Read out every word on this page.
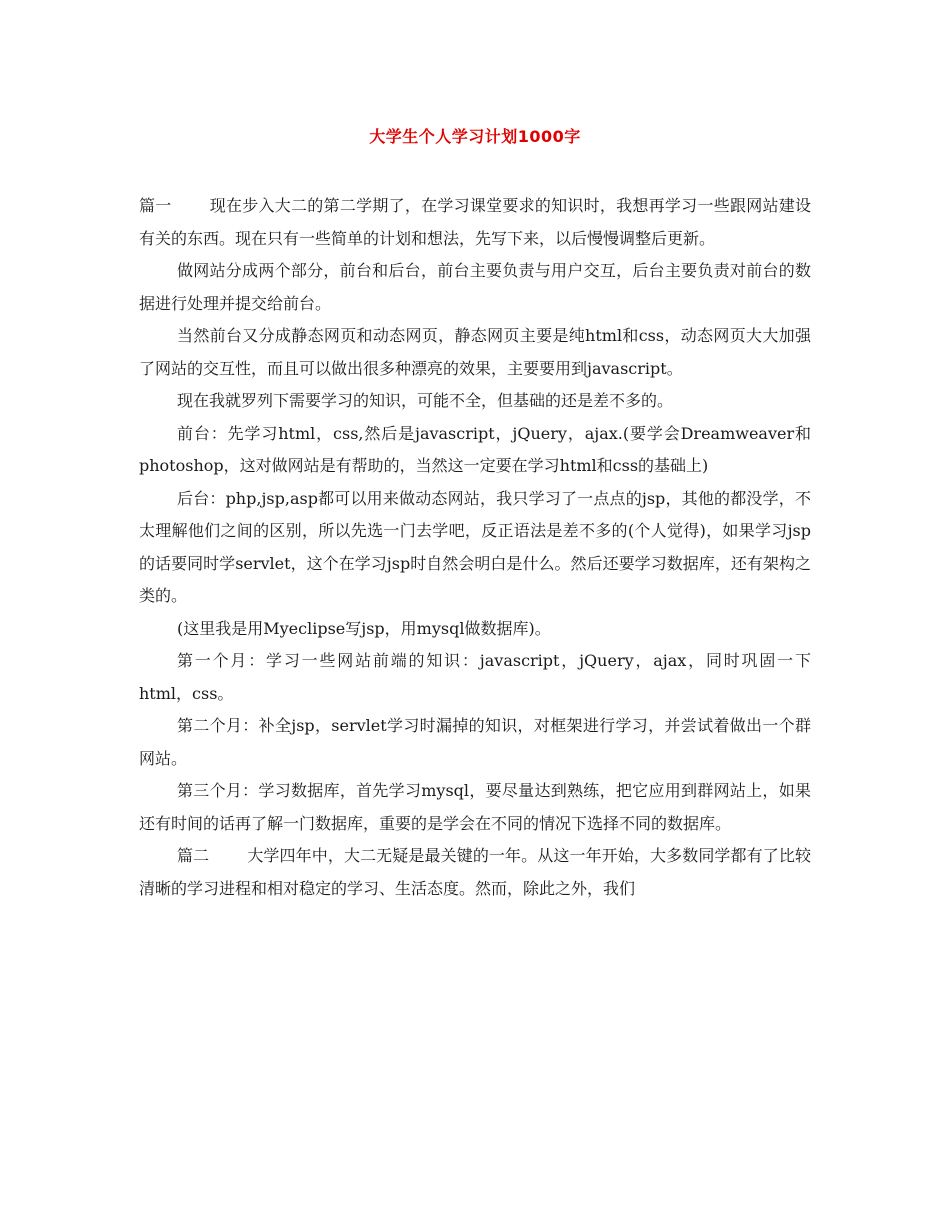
大学生个人学习计划1000字

篇一 现在步入大二的第二学期了，在学习课堂要求的知识时，我想再学习一些跟网站建设有关的东西。现在只有一些简单的计划和想法，先写下来，以后慢慢调整后更新。

做网站分成两个部分，前台和后台，前台主要负责与用户交互，后台主要负责对前台的数据进行处理并提交给前台。

当然前台又分成静态网页和动态网页，静态网页主要是纯html和css，动态网页大大加强了网站的交互性，而且可以做出很多种漂亮的效果，主要要用到javascript。

现在我就罗列下需要学习的知识，可能不全，但基础的还是差不多的。

前台：先学习html，css,然后是javascript，jQuery，ajax.(要学会Dreamweaver和photoshop，这对做网站是有帮助的，当然这一定要在学习html和css的基础上)

后台：php,jsp,asp都可以用来做动态网站，我只学习了一点点的jsp，其他的都没学，不太理解他们之间的区别，所以先选一门去学吧，反正语法是差不多的(个人觉得)，如果学习jsp的话要同时学servlet，这个在学习jsp时自然会明白是什么。然后还要学习数据库，还有架构之类的。

(这里我是用Myeclipse写jsp，用mysql做数据库)。

第一个月：学习一些网站前端的知识：javascript，jQuery，ajax，同时巩固一下html，css。

第二个月：补全jsp，servlet学习时漏掉的知识，对框架进行学习，并尝试着做出一个群网站。

第三个月：学习数据库，首先学习mysql，要尽量达到熟练，把它应用到群网站上，如果还有时间的话再了解一门数据库，重要的是学会在不同的情况下选择不同的数据库。

篇二 大学四年中，大二无疑是最关键的一年。从这一年开始，大多数同学都有了比较清晰的学习进程和相对稳定的学习、生活态度。然而，除此之外，我们
